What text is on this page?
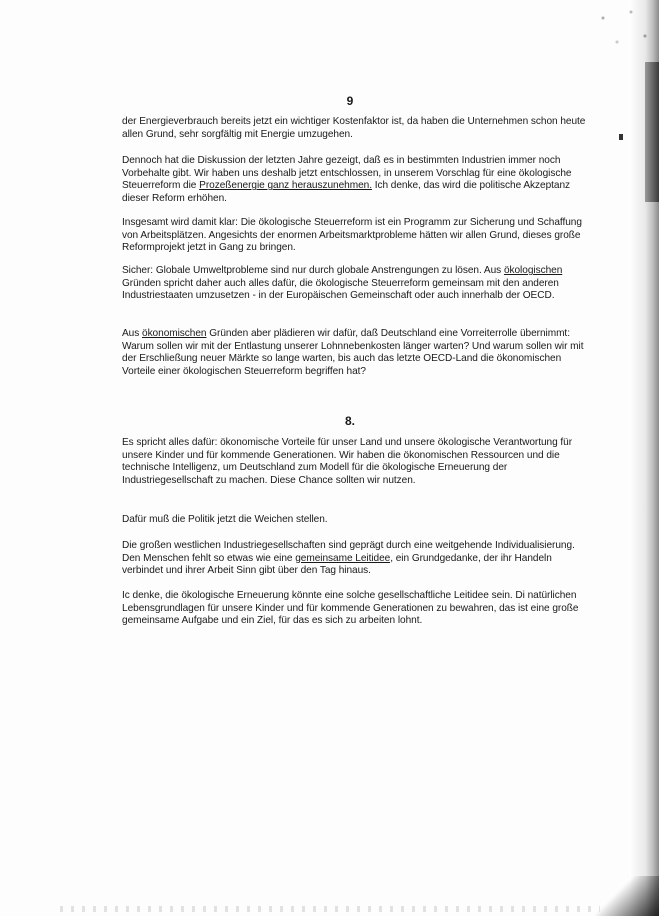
9

der Energieverbrauch bereits jetzt ein wichtiger Kostenfaktor ist, da haben die Unternehmen schon heute allen Grund, sehr sorgfältig mit Energie umzugehen.

Dennoch hat die Diskussion der letzten Jahre gezeigt, daß es in bestimmten Industrien immer noch Vorbehalte gibt. Wir haben uns deshalb jetzt entschlossen, in unserem Vorschlag für eine ökologische Steuerreform die Prozeßenergie ganz herauszunehmen. Ich denke, das wird die politische Akzeptanz dieser Reform erhöhen.

Insgesamt wird damit klar: Die ökologische Steuerreform ist ein Programm zur Sicherung und Schaffung von Arbeitsplätzen. Angesichts der enormen Arbeitsmarktprobleme hätten wir allen Grund, dieses große Reformprojekt jetzt in Gang zu bringen.

Sicher: Globale Umweltprobleme sind nur durch globale Anstrengungen zu lösen. Aus ökologischen Gründen spricht daher auch alles dafür, die ökologische Steuerreform gemeinsam mit den anderen Industriestaaten umzusetzen - in der Europäischen Gemeinschaft oder auch innerhalb der OECD.

Aus ökonomischen Gründen aber plädieren wir dafür, daß Deutschland eine Vorreiterrolle übernimmt: Warum sollen wir mit der Entlastung unserer Lohnnebenkosten länger warten? Und warum sollen wir mit der Erschließung neuer Märkte so lange warten, bis auch das letzte OECD-Land die ökonomischen Vorteile einer ökologischen Steuerreform begriffen hat?

8.

Es spricht alles dafür: ökonomische Vorteile für unser Land und unsere ökologische Verantwortung für unsere Kinder und für kommende Generationen. Wir haben die ökonomischen Ressourcen und die technische Intelligenz, um Deutschland zum Modell für die ökologische Erneuerung der Industriegesellschaft zu machen. Diese Chance sollten wir nutzen.

Dafür muß die Politik jetzt die Weichen stellen.

Die großen westlichen Industriegesellschaften sind geprägt durch eine weitgehende Individualisierung. Den Menschen fehlt so etwas wie eine gemeinsame Leitidee, ein Grundgedanke, der ihr Handeln verbindet und ihrer Arbeit Sinn gibt über den Tag hinaus.

Ic denke, die ökologische Erneuerung könnte eine solche gesellschaftliche Leitidee sein. Di natürlichen Lebensgrundlagen für unsere Kinder und für kommende Generationen zu bewahren, das ist eine große gemeinsame Aufgabe und ein Ziel, für das es sich zu arbeiten lohnt.
